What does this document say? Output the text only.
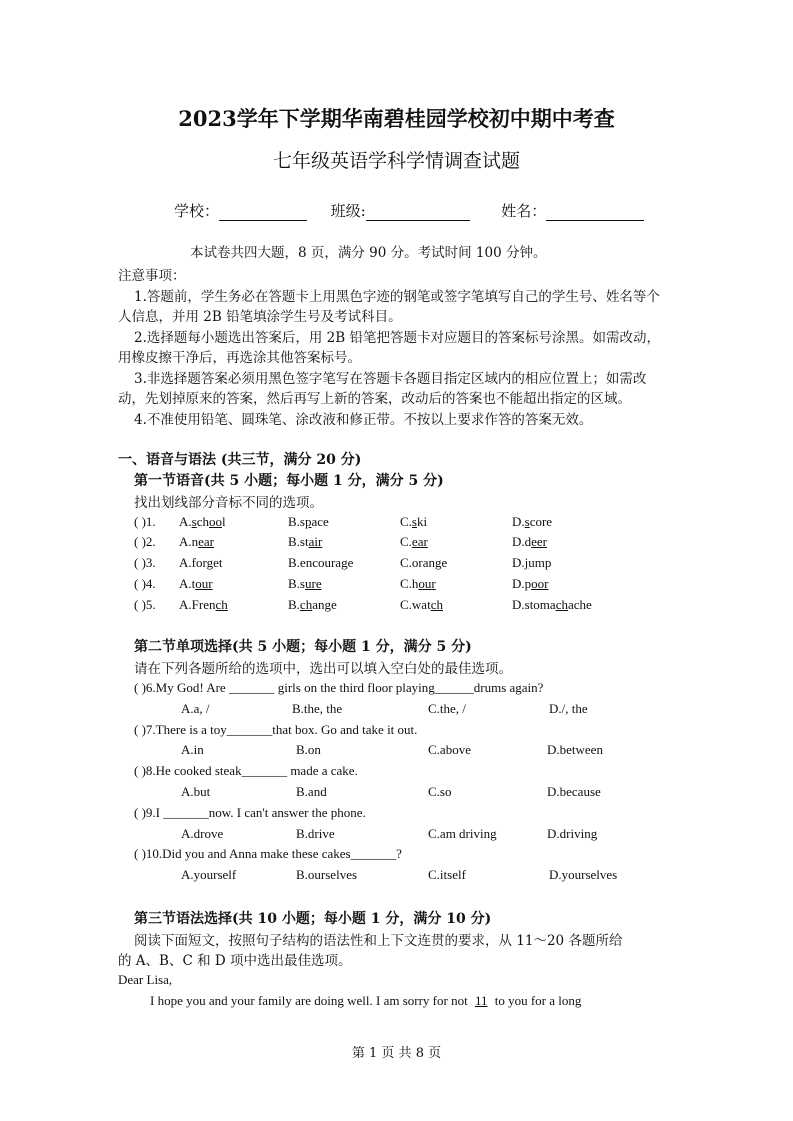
2023学年下学期华南碧桂园学校初中期中考查
七年级英语学科学情调查试题
学校：	班级:	姓名：
本试卷共四大题，8 页，满分 90 分。考试时间 100 分钟。
注意事项：
1.答题前，学生务必在答题卡上用黑色字迹的钢笔或签字笔填写自己的学生号、姓名等个
人信息，并用 2B 铅笔填涂学生号及考试科目。
2.选择题每小题选出答案后，用 2B 铅笔把答题卡对应题目的答案标号涂黑。如需改动，
用橡皮擦干净后，再选涂其他答案标号。
3.非选择题答案必须用黑色签字笔写在答题卡各题目指定区域内的相应位置上；如需改
动，先划掉原来的答案，然后再写上新的答案，改动后的答案也不能超出指定的区域。
4.不准使用铅笔、圆珠笔、涂改液和修正带。不按以上要求作答的答案无效。
一、语音与语法 (共三节，满分 20 分)
第一节语音(共 5 小题；每小题 1 分，满分 5 分)
找出划线部分音标不同的选项。
( )1. A.school	B.space	C.ski	D.score
( )2. A.near	B.stair	C.ear	D.deer
( )3. A.forget	B.encourage	C.orange	D.jump
( )4. A.tour	B.sure	C.hour	D.poor
( )5. A.French	B.change	C.watch	D.stomachache
第二节单项选择(共 5 小题；每小题 1 分，满分 5 分)
请在下列各题所给的选项中，选出可以填入空白处的最佳选项。
( )6.My God! Are _______ girls on the third floor playing______drums again?
A.a, /	B.the, the	C.the, /	D./, the
( )7.There is a toy_______that box. Go and take it out.
A.in	B.on	C.above	D.between
( )8.He cooked steak_______ made a cake.
A.but	B.and	C.so	D.because
( )9.I _______now. I can't answer the phone.
A.drove	B.drive	C.am driving	D.driving
( )10.Did you and Anna make these cakes_______?
A.yourself	B.ourselves	C.itself	D.yourselves
第三节语法选择(共 10 小题；每小题 1 分，满分 10 分)
阅读下面短文，按照句子结构的语法性和上下文连贯的要求，从 11～20 各题所给
的 A、B、C 和 D 项中选出最佳选项。
Dear Lisa,
I hope you and your family are doing well. I am sorry for not 11 to you for a long
第 1 页 共 8 页
